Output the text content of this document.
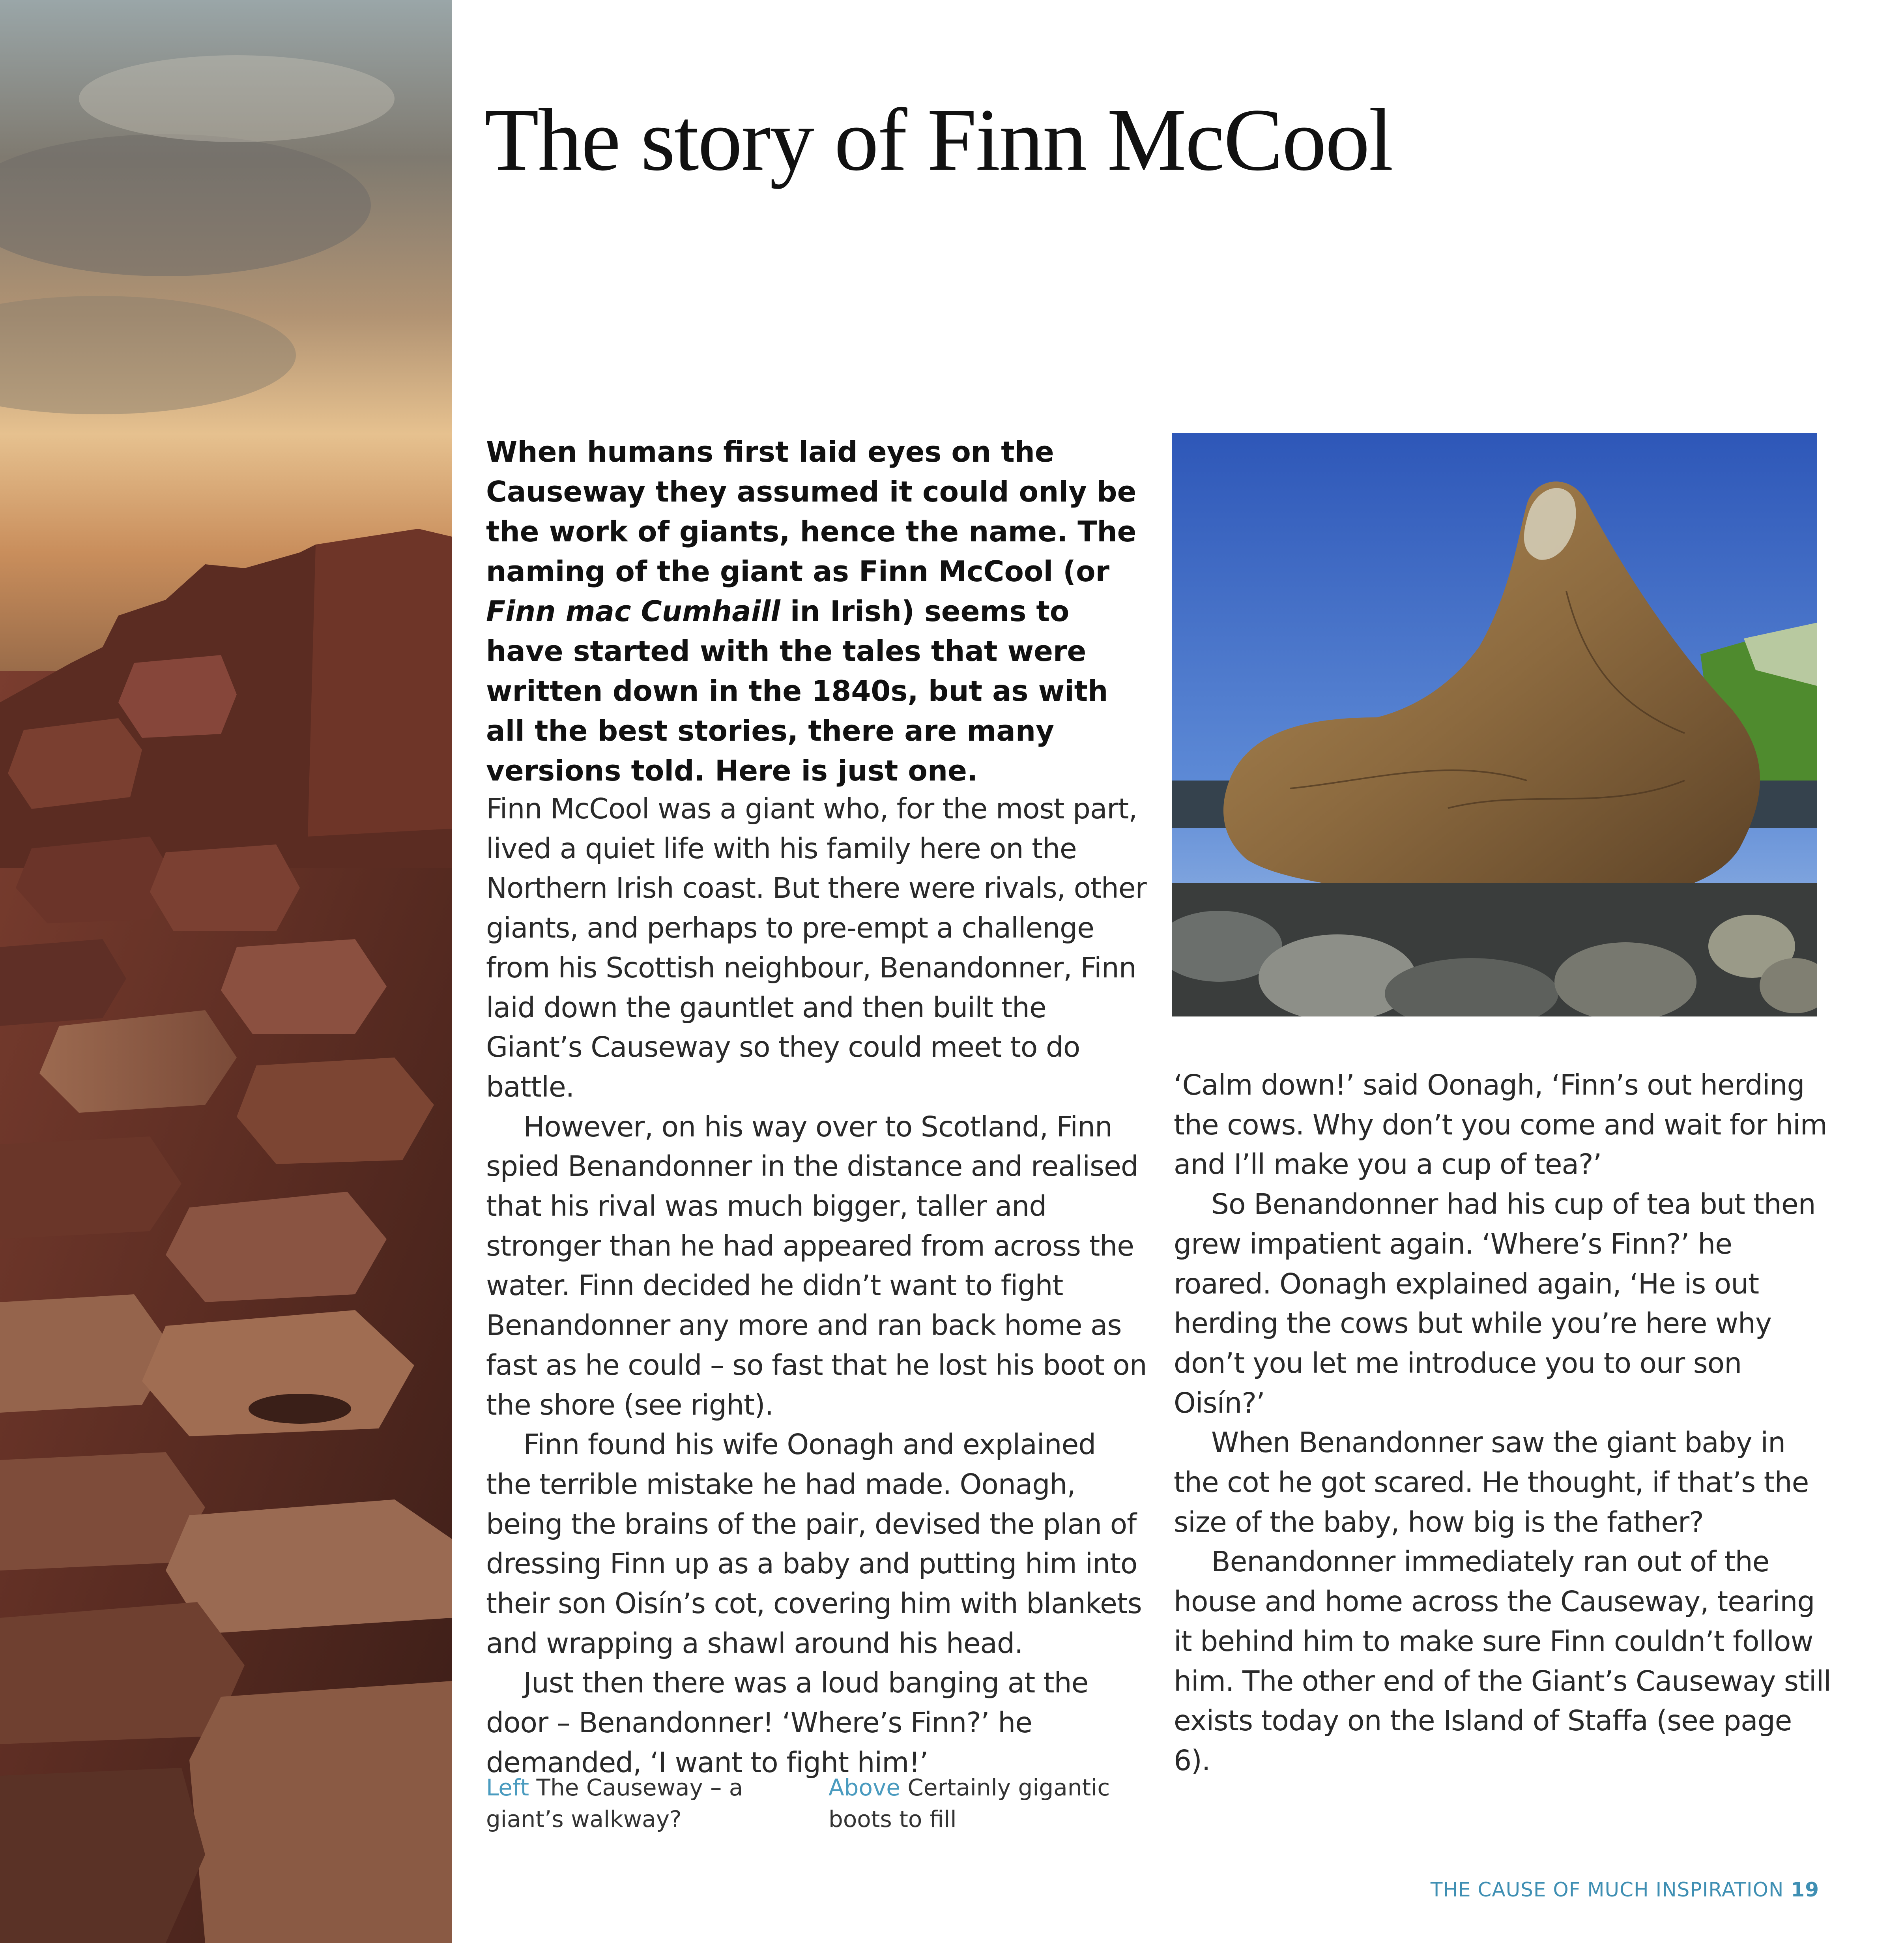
The story of Finn McCool
When humans first laid eyes on the Causeway they assumed it could only be the work of giants, hence the name. The naming of the giant as Finn McCool (or Finn mac Cumhaill in Irish) seems to have started with the tales that were written down in the 1840s, but as with all the best stories, there are many versions told. Here is just one.

Finn McCool was a giant who, for the most part, lived a quiet life with his family here on the Northern Irish coast. But there were rivals, other giants, and perhaps to pre-empt a challenge from his Scottish neighbour, Benandonner, Finn laid down the gauntlet and then built the Giant’s Causeway so they could meet to do battle.

However, on his way over to Scotland, Finn spied Benandonner in the distance and realised that his rival was much bigger, taller and stronger than he had appeared from across the water. Finn decided he didn’t want to fight Benandonner any more and ran back home as fast as he could – so fast that he lost his boot on the shore (see right).

Finn found his wife Oonagh and explained the terrible mistake he had made. Oonagh, being the brains of the pair, devised the plan of dressing Finn up as a baby and putting him into their son Oisín’s cot, covering him with blankets and wrapping a shawl around his head.

Just then there was a loud banging at the door – Benandonner! ‘Where’s Finn?’ he demanded, ‘I want to fight him!’

‘Calm down!’ said Oonagh, ‘Finn’s out herding the cows. Why don’t you come and wait for him and I’ll make you a cup of tea?’

So Benandonner had his cup of tea but then grew impatient again. ‘Where’s Finn?’ he roared. Oonagh explained again, ‘He is out herding the cows but while you’re here why don’t you let me introduce you to our son Oisín?’

When Benandonner saw the giant baby in the cot he got scared. He thought, if that’s the size of the baby, how big is the father?

Benandonner immediately ran out of the house and home across the Causeway, tearing it behind him to make sure Finn couldn’t follow him. The other end of the Giant’s Causeway still exists today on the Island of Staffa (see page 6).

Left The Causeway – a giant’s walkway?
Above Certainly gigantic boots to fill
THE CAUSE OF MUCH INSPIRATION 19
